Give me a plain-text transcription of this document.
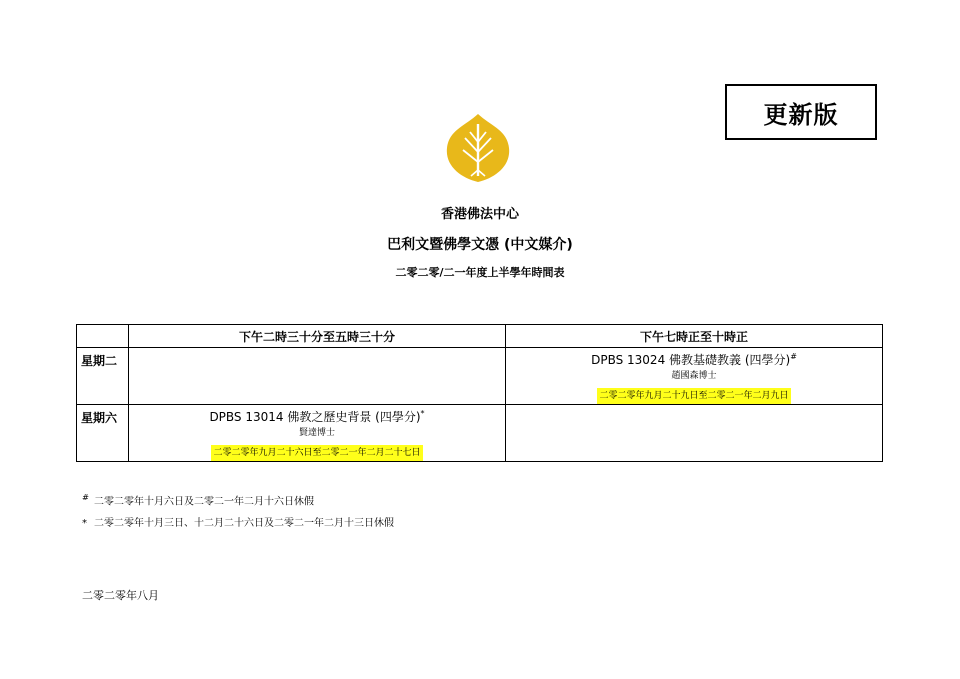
更新版
香港佛法中心
巴利文暨佛學文憑 (中文媒介)
二零二零/二一年度上半學年時間表
	下午二時三十分至五時三十分	下午七時正至十時正
星期二		DPBS 13024 佛教基礎教義 (四學分)#
趙國森博士
二零二零年九月二十九日至二零二一年二月九日
星期六	DPBS 13014 佛教之歷史背景 (四學分)*
賢達博士
二零二零年九月二十六日至二零二一年二月二十七日	
# 二零二零年十月六日及二零二一年二月十六日休假
* 二零二零年十月三日、十二月二十六日及二零二一年二月十三日休假
二零二零年八月
